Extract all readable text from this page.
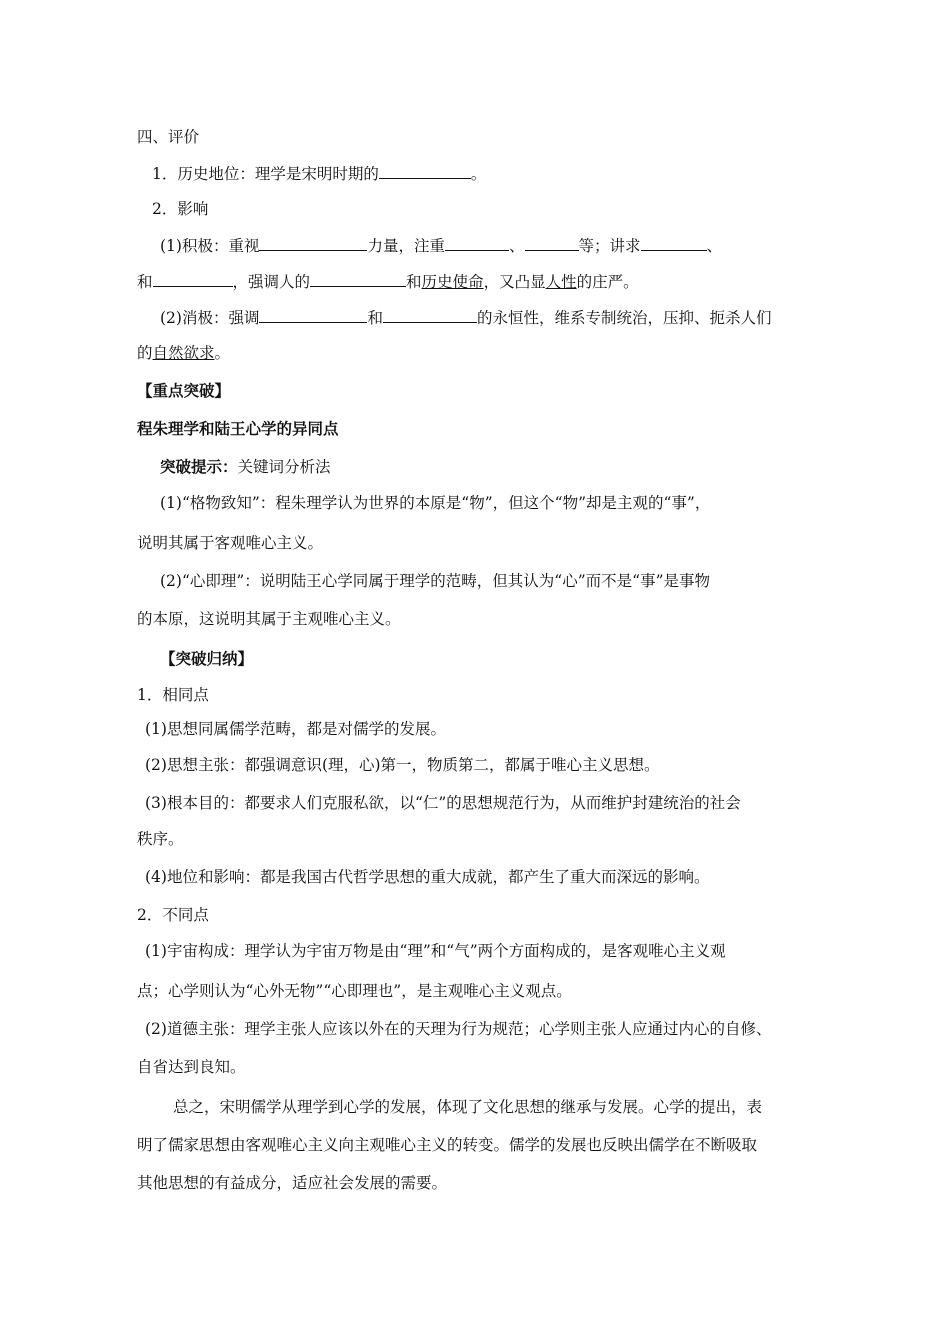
四、评价
1．历史地位：理学是宋明时期的	。
2．影响
(1)积极：重视	力量，注重	、	等；讲求	、
和	，强调人的	和历史使命，又凸显人性的庄严。
(2)消极：强调	和	的永恒性，维系专制统治，压抑、扼杀人们
的自然欲求。
【重点突破】
程朱理学和陆王心学的异同点
突破提示：关键词分析法
(1)“格物致知”：程朱理学认为世界的本原是“物”，但这个“物”却是主观的“事”，
说明其属于客观唯心主义。
(2)“心即理”：说明陆王心学同属于理学的范畴，但其认为“心”而不是“事”是事物
的本原，这说明其属于主观唯心主义。
【突破归纳】
1．相同点
(1)思想同属儒学范畴，都是对儒学的发展。
(2)思想主张：都强调意识(理，心)第一，物质第二，都属于唯心主义思想。
(3)根本目的：都要求人们克服私欲，以“仁”的思想规范行为，从而维护封建统治的社会
秩序。
(4)地位和影响：都是我国古代哲学思想的重大成就，都产生了重大而深远的影响。
2．不同点
(1)宇宙构成：理学认为宇宙万物是由“理”和“气”两个方面构成的，是客观唯心主义观
点；心学则认为“心外无物”“心即理也”，是主观唯心主义观点。
(2)道德主张：理学主张人应该以外在的天理为行为规范；心学则主张人应通过内心的自修、
自省达到良知。
总之，宋明儒学从理学到心学的发展，体现了文化思想的继承与发展。心学的提出，表
明了儒家思想由客观唯心主义向主观唯心主义的转变。儒学的发展也反映出儒学在不断吸取
其他思想的有益成分，适应社会发展的需要。
